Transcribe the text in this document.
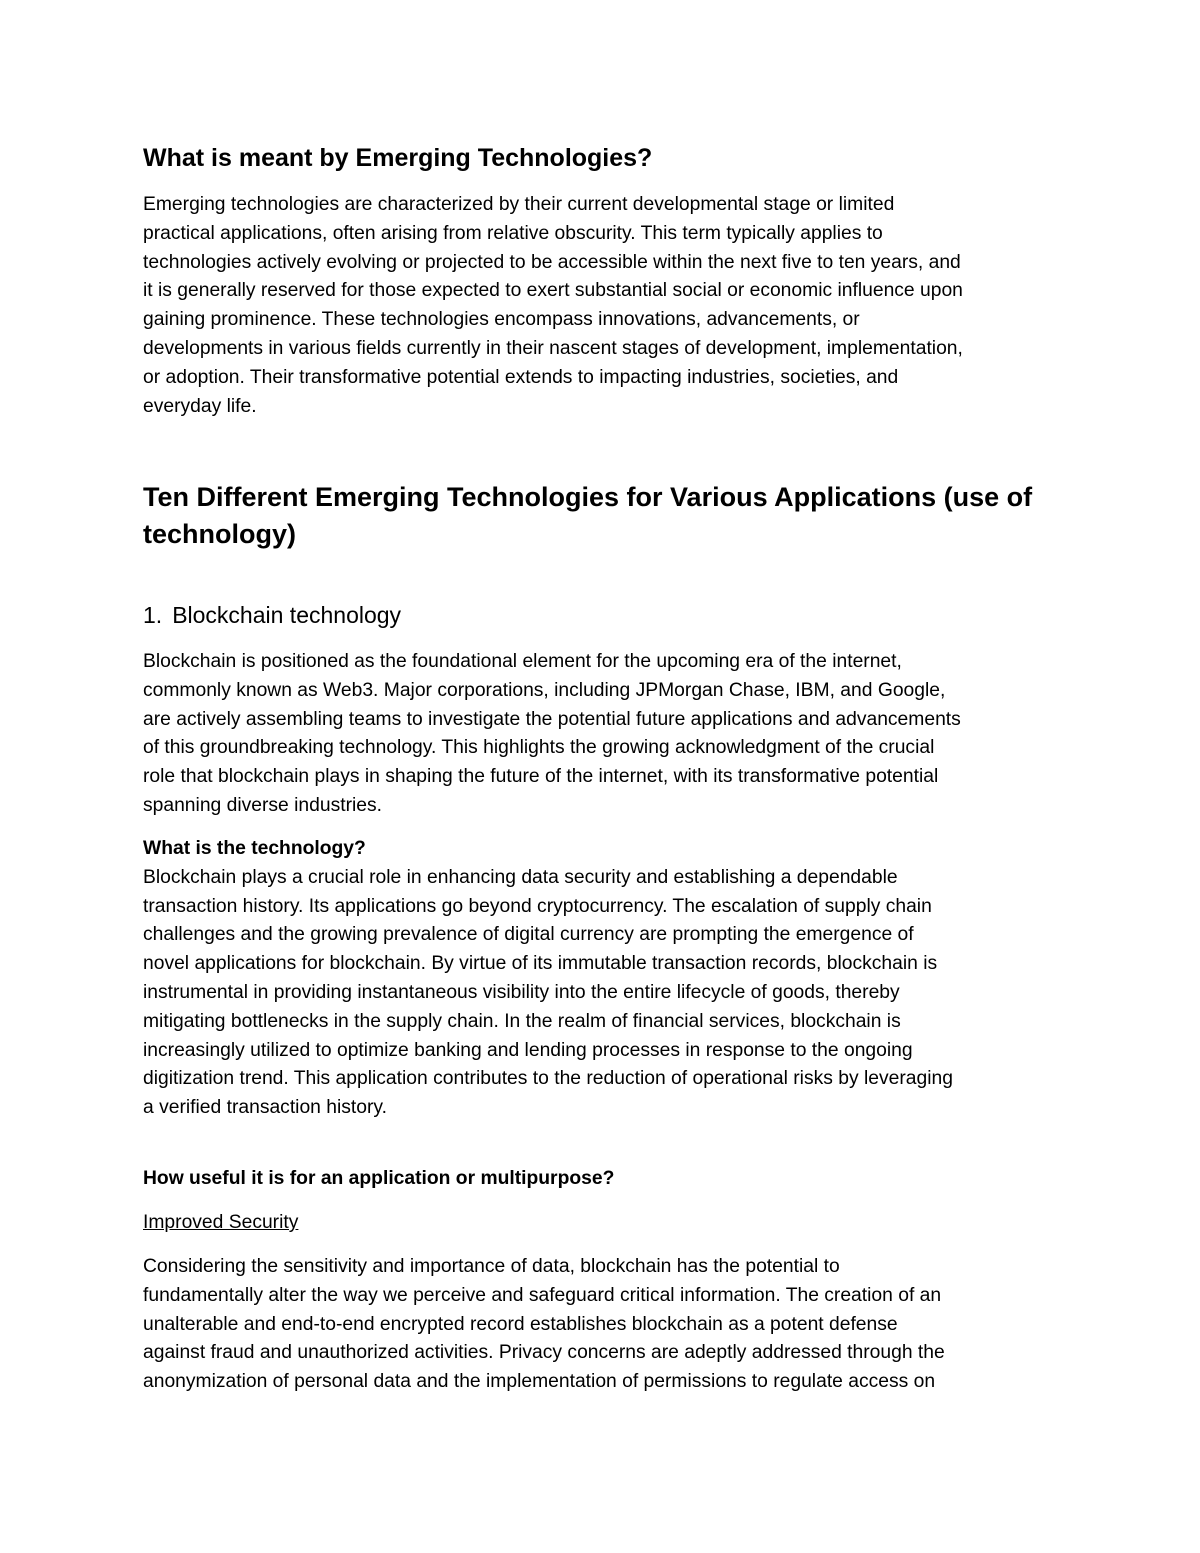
What is meant by Emerging Technologies?
Emerging technologies are characterized by their current developmental stage or limited
practical applications, often arising from relative obscurity. This term typically applies to
technologies actively evolving or projected to be accessible within the next five to ten years, and
it is generally reserved for those expected to exert substantial social or economic influence upon
gaining prominence. These technologies encompass innovations, advancements, or
developments in various fields currently in their nascent stages of development, implementation,
or adoption. Their transformative potential extends to impacting industries, societies, and
everyday life.
Ten Different Emerging Technologies for Various Applications (use of technology)
1. Blockchain technology
Blockchain is positioned as the foundational element for the upcoming era of the internet,
commonly known as Web3. Major corporations, including JPMorgan Chase, IBM, and Google,
are actively assembling teams to investigate the potential future applications and advancements
of this groundbreaking technology. This highlights the growing acknowledgment of the crucial
role that blockchain plays in shaping the future of the internet, with its transformative potential
spanning diverse industries.
What is the technology?
Blockchain plays a crucial role in enhancing data security and establishing a dependable
transaction history. Its applications go beyond cryptocurrency. The escalation of supply chain
challenges and the growing prevalence of digital currency are prompting the emergence of
novel applications for blockchain. By virtue of its immutable transaction records, blockchain is
instrumental in providing instantaneous visibility into the entire lifecycle of goods, thereby
mitigating bottlenecks in the supply chain. In the realm of financial services, blockchain is
increasingly utilized to optimize banking and lending processes in response to the ongoing
digitization trend. This application contributes to the reduction of operational risks by leveraging
a verified transaction history.
How useful it is for an application or multipurpose?
Improved Security
Considering the sensitivity and importance of data, blockchain has the potential to
fundamentally alter the way we perceive and safeguard critical information. The creation of an
unalterable and end-to-end encrypted record establishes blockchain as a potent defense
against fraud and unauthorized activities. Privacy concerns are adeptly addressed through the
anonymization of personal data and the implementation of permissions to regulate access on
